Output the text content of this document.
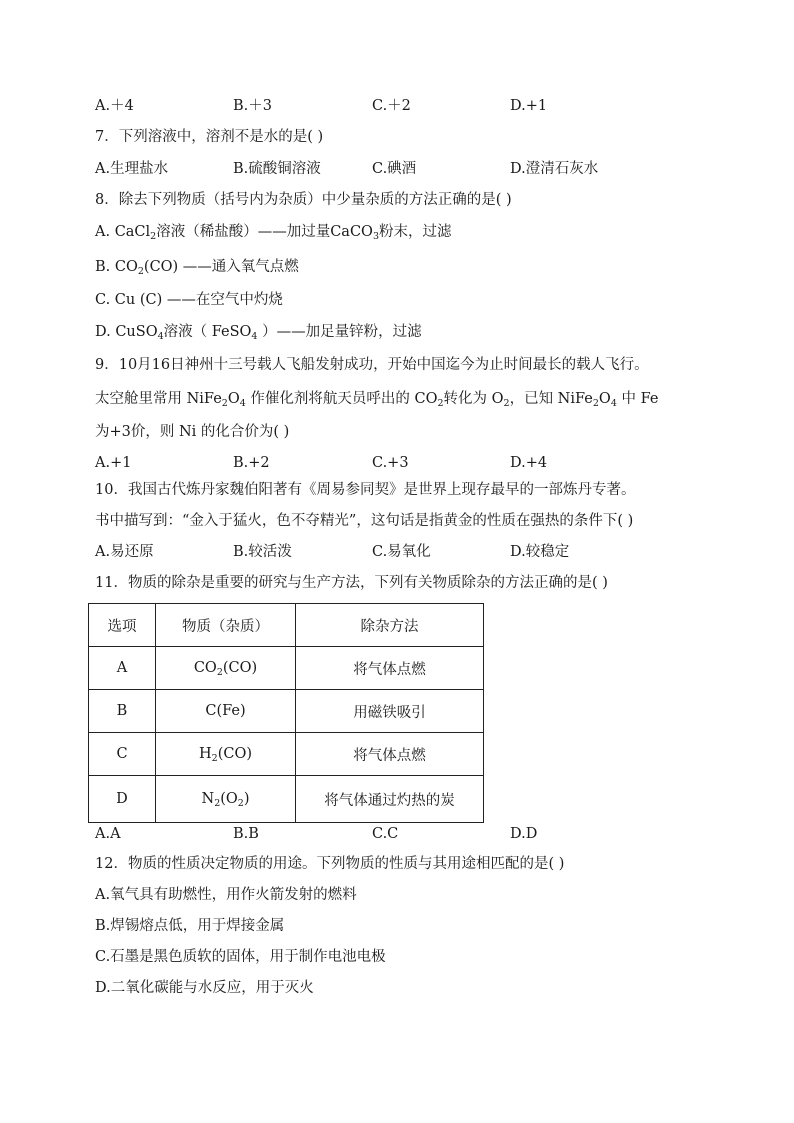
A.＋4	B.＋3	C.＋2	D.+1
7．下列溶液中，溶剂不是水的是( )
A.生理盐水	B.硫酸铜溶液	C.碘酒	D.澄清石灰水
8．除去下列物质（括号内为杂质）中少量杂质的方法正确的是( )
A. CaCl$_2$溶液（稀盐酸）——加过量CaCO$_3$粉末，过滤
B. $CO_2(CO)$ ——通入氧气点燃
C. Cu (C) ——在空气中灼烧
D. CuSO$_4$溶液（ FeSO$_4$ ）——加足量锌粉，过滤
9．10月16日神州十三号载人飞船发射成功，开始中国迄今为止时间最长的载人飞行。
太空舱里常用 $NiFe_2O_4$ 作催化剂将航天员呼出的 $CO_2$转化为 $O_2$，已知 $NiFe_2O_4$ 中 Fe
为+3价，则 Ni 的化合价为( )
A.+1	B.+2	C.+3	D.+4
10．我国古代炼丹家魏伯阳著有《周易参同契》是世界上现存最早的一部炼丹专著。
书中描写到：“金入于猛火，色不夺精光”，这句话是指黄金的性质在强热的条件下( )
A.易还原	B.较活泼	C.易氧化	D.较稳定
11．物质的除杂是重要的研究与生产方法，下列有关物质除杂的方法正确的是( )
选项	物质（杂质）	除杂方法
A	$CO_2(CO)$	将气体点燃
B	C(Fe)	用磁铁吸引
C	$H_2(CO)$	将气体点燃
D	$N_2(O_2)$	将气体通过灼热的炭
A.A	B.B	C.C	D.D
12．物质的性质决定物质的用途。下列物质的性质与其用途相匹配的是( )
A.氧气具有助燃性，用作火箭发射的燃料
B.焊锡熔点低，用于焊接金属
C.石墨是黑色质软的固体，用于制作电池电极
D.二氧化碳能与水反应，用于灭火
